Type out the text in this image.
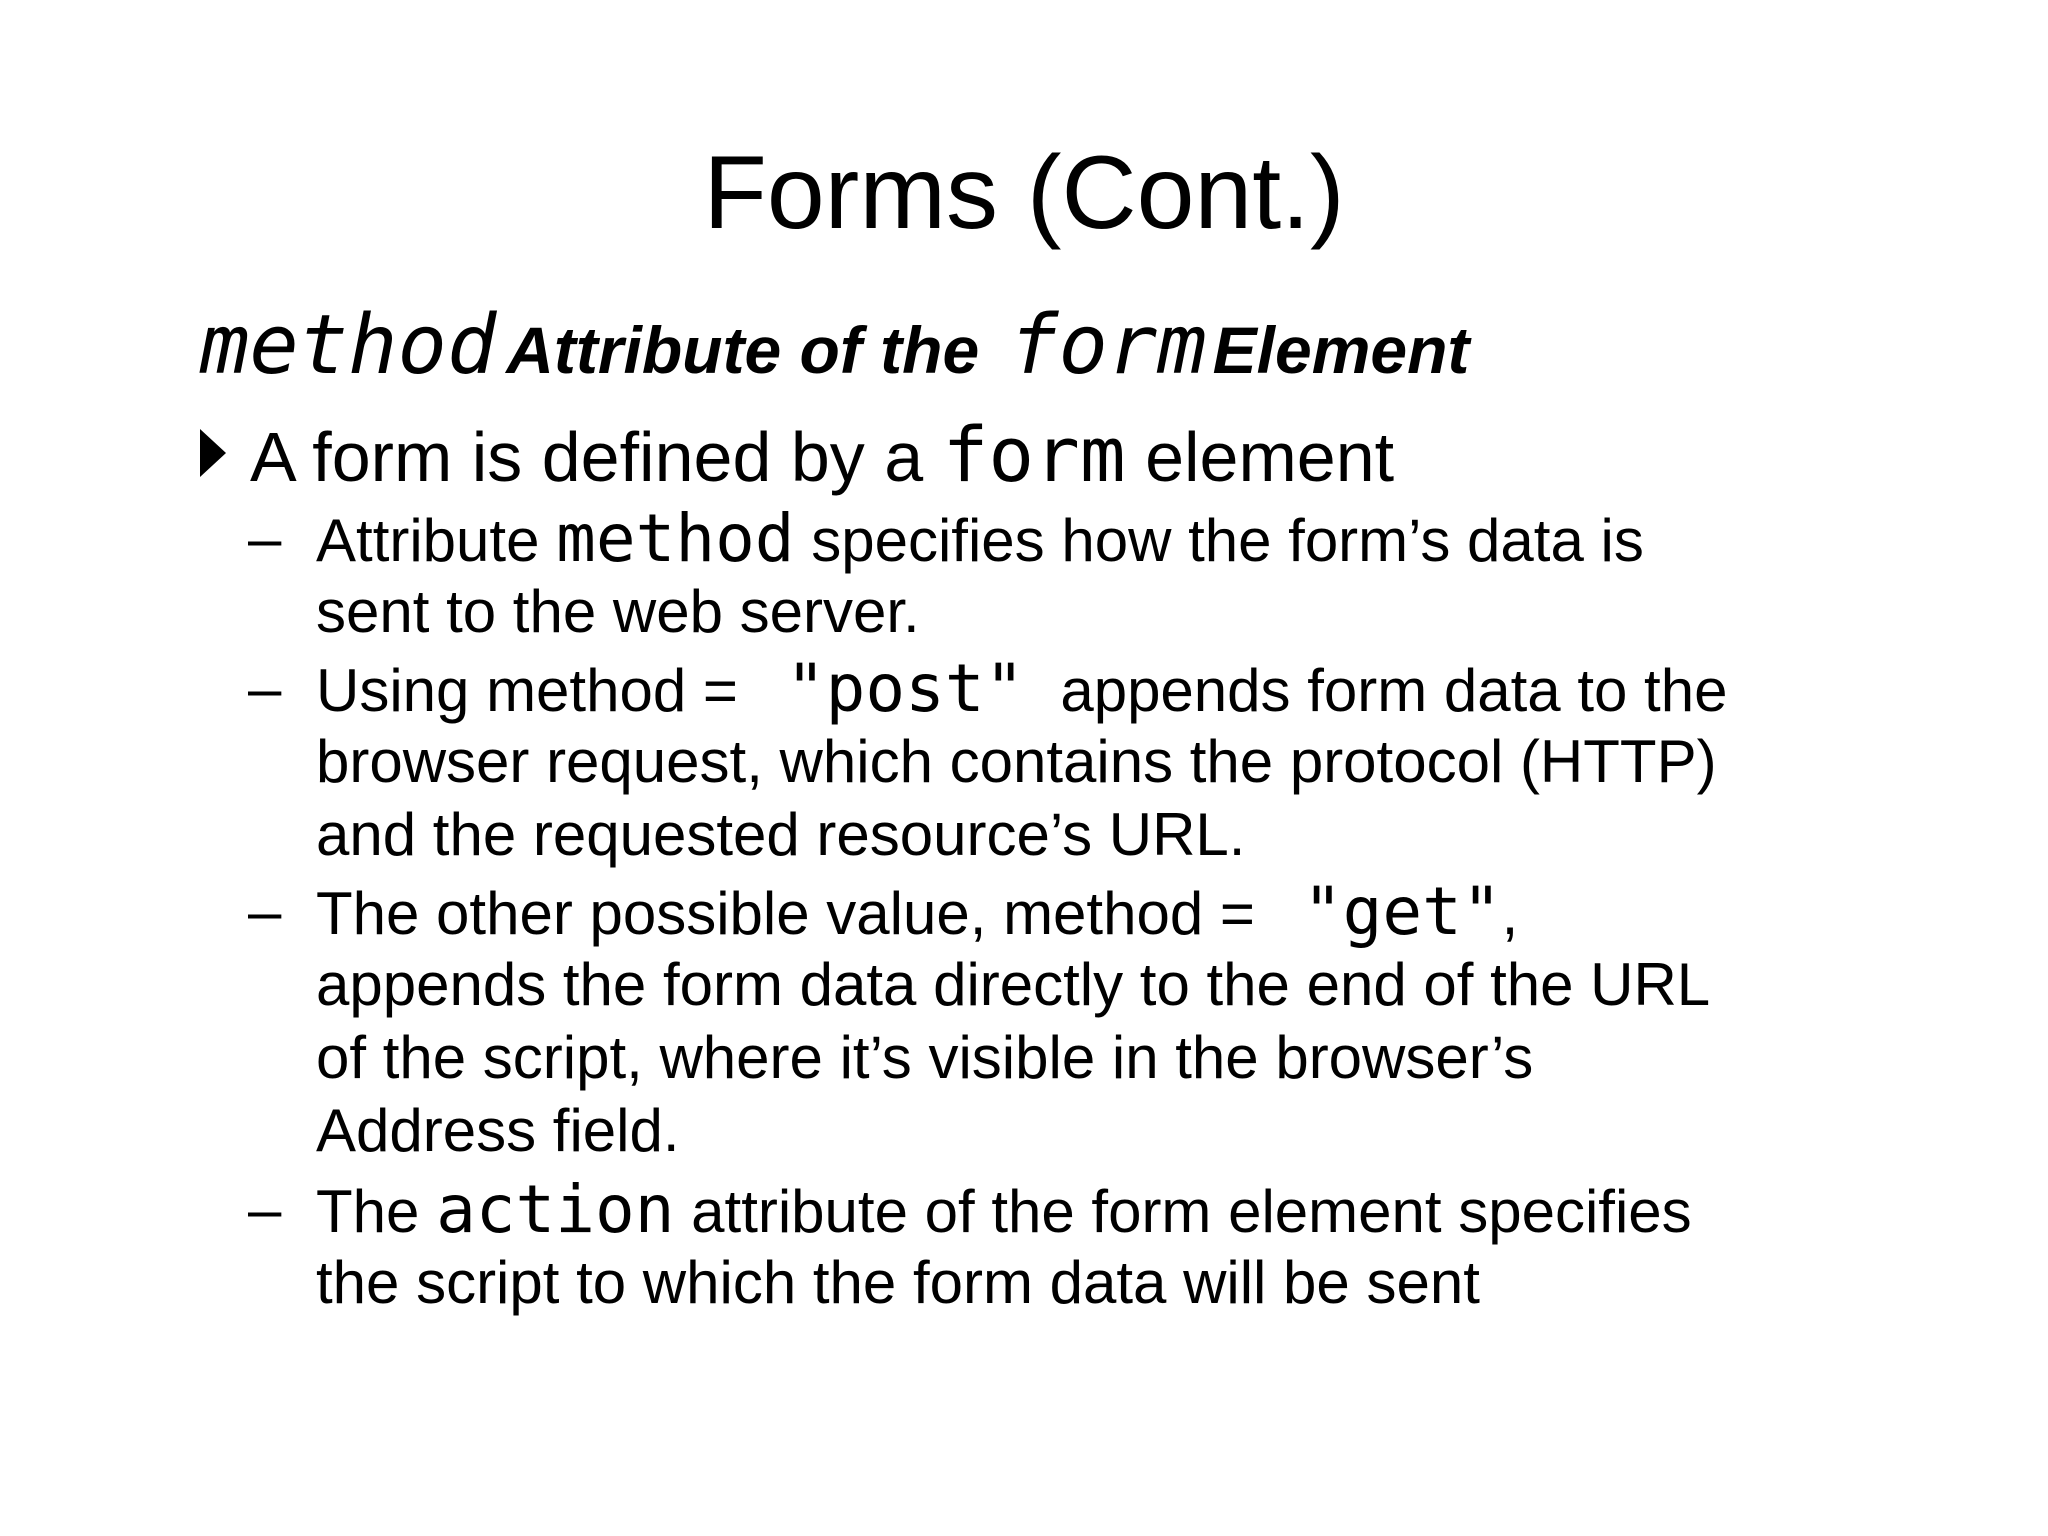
Forms (Cont.)
method Attribute of the formElement
A form is defined by a form element
– Attribute method specifies how the form’s data is
sent to the web server.
– Using method = "post" appends form data to the
browser request, which contains the protocol (HTTP)
and the requested resource’s URL.
– The other possible value, method = "get",
appends the form data directly to the end of the URL
of the script, where it’s visible in the browser’s
Address field.
– The action attribute of the form element specifies
the script to which the form data will be sent
